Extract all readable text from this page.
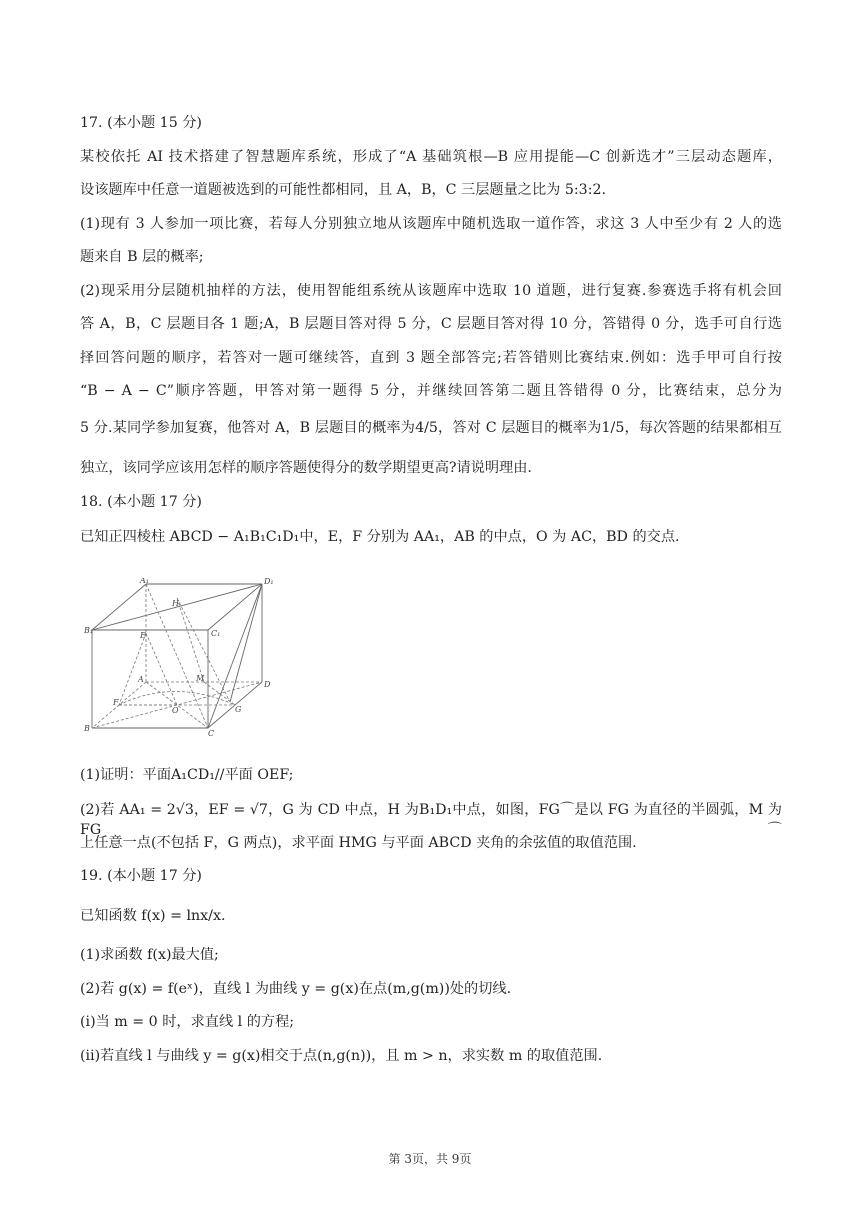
17. (本小题 15 分)
某校依托 AI 技术搭建了智慧题库系统，形成了“A 基础筑根—B 应用提能—C 创新选才”三层动态题库，
设该题库中任意一道题被选到的可能性都相同，且 A，B，C 三层题量之比为 5:3:2.
(1)现有 3 人参加一项比赛，若每人分别独立地从该题库中随机选取一道作答，求这 3 人中至少有 2 人的选
题来自 B 层的概率;
(2)现采用分层随机抽样的方法，使用智能组系统从该题库中选取 10 道题，进行复赛.参赛选手将有机会回
答 A，B，C 层题目各 1 题;A，B 层题目答对得 5 分，C 层题目答对得 10 分，答错得 0 分，选手可自行选
择回答问题的顺序，若答对一题可继续答，直到 3 题全部答完;若答错则比赛结束.例如：选手甲可自行按
“B − A − C”顺序答题，甲答对第一题得 5 分，并继续回答第二题且答错得 0 分，比赛结束，总分为
5 分.某同学参加复赛，他答对 A，B 层题目的概率为4/5，答对 C 层题目的概率为1/5，每次答题的结果都相互
独立，该同学应该用怎样的顺序答题使得分的数学期望更高?请说明理由.
18. (本小题 17 分)
已知正四棱柱 ABCD − A₁B₁C₁D₁中，E，F 分别为 AA₁，AB 的中点，O 为 AC，BD 的交点.
A₁	D₁
B₁	C₁
H
E
A	M
D
F
O	G
B
C
(1)证明：平面A₁CD₁//平面 OEF;
(2)若 AA₁ = 2√3，EF = √7，G 为 CD 中点，H 为B₁D₁中点，如图，FG⌒是以 FG 为直径的半圆弧，M 为FG⌒
上任意一点(不包括 F，G 两点)，求平面 HMG 与平面 ABCD 夹角的余弦值的取值范围.
19. (本小题 17 分)
已知函数 f(x) = lnx/x.
(1)求函数 f(x)最大值;
(2)若 g(x) = f(eˣ)，直线 l 为曲线 y = g(x)在点(m,g(m))处的切线.
(ⅰ)当 m = 0 时，求直线 l 的方程;
(ⅱ)若直线 l 与曲线 y = g(x)相交于点(n,g(n))，且 m > n，求实数 m 的取值范围.
第 3页，共 9页
